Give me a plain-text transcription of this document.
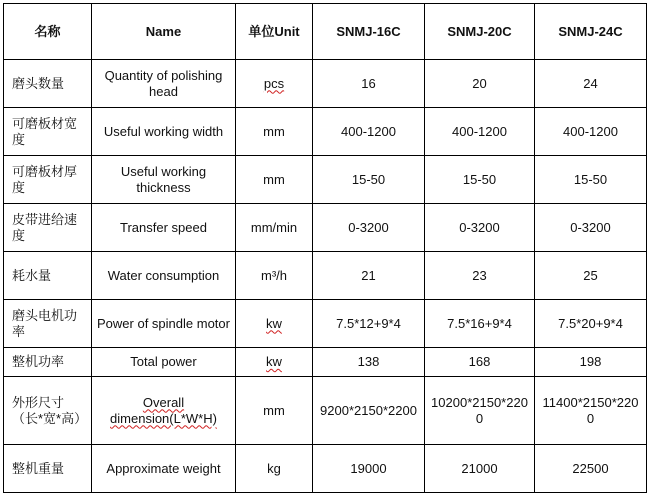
名称	Name	单位Unit	SNMJ-16C	SNMJ-20C	SNMJ-24C
磨头数量	Quantity of polishing head	pcs	16	20	24
可磨板材宽度	Useful working width	mm	400-1200	400-1200	400-1200
可磨板材厚度	Useful working thickness	mm	15-50	15-50	15-50
皮带进给速度	Transfer speed	mm/min	0-3200	0-3200	0-3200
耗水量	Water consumption	m³/h	21	23	25
磨头电机功率	Power of spindle motor	kw	7.5*12+9*4	7.5*16+9*4	7.5*20+9*4
整机功率	Total power	kw	138	168	198
外形尺寸（长*宽*高）	Overall dimension(L*W*H)	mm	9200*2150*2200	10200*2150*2200	11400*2150*2200
整机重量	Approximate weight	kg	19000	21000	22500
